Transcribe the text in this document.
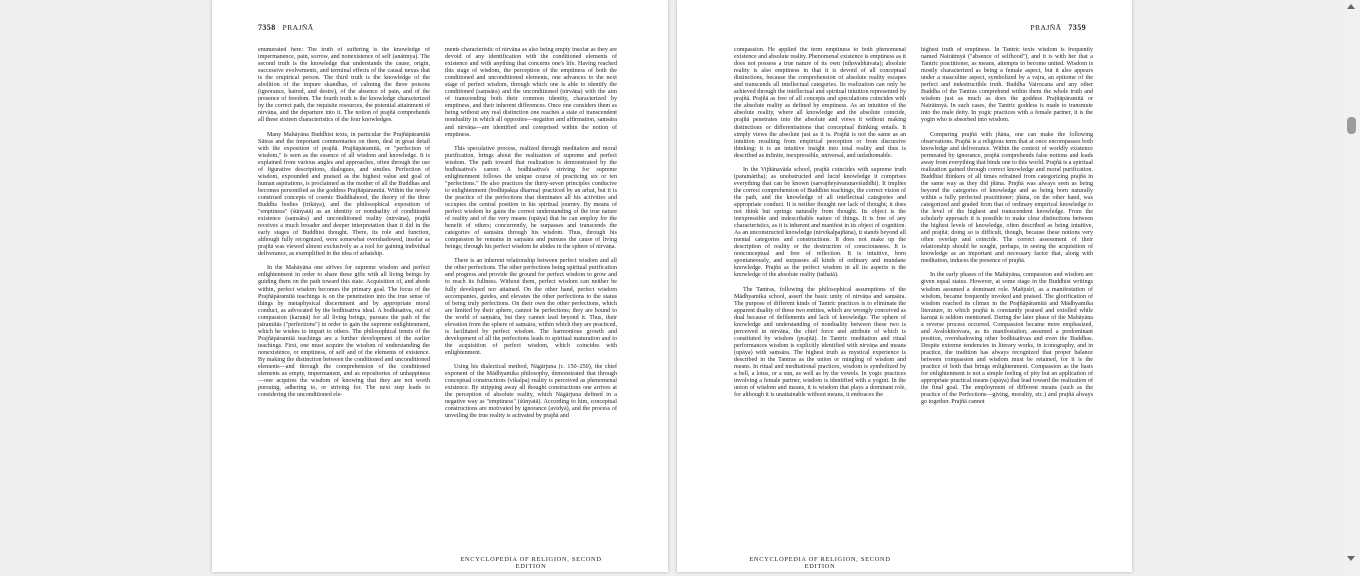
7358 PRAJÑĀ

enumerated here: The truth of suffering is the knowledge of impermanence, pain, sorrow, and nonexistence of self (anātmya). The second truth is the knowledge that understands the cause, origin, successive evolvements, and terminal effects of the causal nexus that is the empirical person. The third truth is the knowledge of the abolition of the impure skandhas, of calming the three poisons (ignorance, hatred, and desire), of the absence of pain, and of the presence of freedom. The fourth truth is the knowledge characterized by the correct path, the requisite resources, the potential attainment of nirvāṇa, and the departure into it. The notion of prajñā comprehends all these sixteen characteristics of the four knowledges.

Many Mahāyāna Buddhist texts, in particular the Prajñāpāramitā Sūtras and the important commentaries on them, deal in great detail with the exposition of prajñā. Prajñāpāramitā, or "perfection of wisdom," is seen as the essence of all wisdom and knowledge. It is explained from various angles and approaches, often through the use of figurative descriptions, dialogues, and similes. Perfection of wisdom, expounded and praised as the highest value and goal of human aspirations, is proclaimed as the mother of all the Buddhas and becomes personified as the goddess Prajñāpāramitā. Within the newly construed concepts of cosmic Buddhahood, the theory of the three Buddha bodies (trikāya), and the philosophical exposition of "emptiness" (śūnyatā) as an identity or nonduality of conditioned existence (saṃsāra) and unconditioned reality (nirvāṇa), prajñā receives a much broader and deeper interpretation than it did in the early stages of Buddhist thought. There, its role and function, although fully recognized, were somewhat overshadowed, insofar as prajñā was viewed almost exclusively as a tool for gaining individual deliverance, as exemplified in the idea of arhatship.

In the Mahāyāna one strives for supreme wisdom and perfect enlightenment in order to share these gifts with all living beings by guiding them on the path toward this state. Acquisition of, and abode within, perfect wisdom becomes the primary goal. The focus of the Prajñāpāramitā teachings is on the penetration into the true sense of things by metaphysical discernment and by appropriate moral conduct, as advocated by the bodhisattva ideal. A bodhisattva, out of compassion (karuṇā) for all living beings, pursues the path of the pāramitās ("perfections") in order to gain the supreme enlightenment, which he wishes to impart to others. The philosophical tenets of the Prajñāpāramitā teachings are a further development of the earlier teachings. First, one must acquire the wisdom of understanding the nonexistence, or emptiness, of self and of the elements of existence. By making the distinction between the conditioned and unconditioned elements—and through the comprehension of the conditioned elements as empty, impermanent, and as repositories of unhappiness—one acquires the wisdom of knowing that they are not worth pursuing, adhering to, or striving for. The next step leads to considering the unconditioned ele-

ments characteristic of nirvāṇa as also being empty insofar as they are devoid of any identification with the conditioned elements of existence and with anything that concerns one's life. Having reached this stage of wisdom, the perception of the emptiness of both the conditioned and unconditioned elements, one advances to the next stage of perfect wisdom, through which one is able to identify the conditioned (saṃsāra) and the unconditioned (nirvāṇa) with the aim of transcending both their common identity, characterized by emptiness, and their inherent differences. Once one considers them as being without any real distinction one reaches a state of transcendent nonduality in which all opposites—negation and affirmation, saṃsāra and nirvāṇa—are identified and comprised within the notion of emptiness.

This speculative process, realized through meditation and moral purification, brings about the realization of supreme and perfect wisdom. The path toward that realization is demonstrated by the bodhisattva's career. A bodhisattva's striving for supreme enlightenment follows the unique course of practicing six or ten "perfections." He also practices the thirty-seven principles conducive to enlightenment (bodhipakṣa dharma) practiced by an arhat, but it is the practice of the perfections that dominates all his activities and occupies the central position in his spiritual journey. By means of perfect wisdom he gains the correct understanding of the true nature of reality and of the very means (upāya) that he can employ for the benefit of others; concurrently, he surpasses and transcends the categories of saṃsāra through his wisdom. Thus, through his compassion he remains in saṃsāra and pursues the cause of living beings; through his perfect wisdom he abides in the sphere of nirvāṇa.

There is an inherent relationship between perfect wisdom and all the other perfections. The other perfections being spiritual purification and progress and provide the ground for perfect wisdom to grow and to reach its fullness. Without them, perfect wisdom can neither be fully developed nor attained. On the other hand, perfect wisdom accompanies, guides, and elevates the other perfections to the status of being truly perfections. On their own the other perfections, which are limited by their sphere, cannot be perfections; they are bound to the world of saṃsāra, but they cannot lead beyond it. Thus, their elevation from the sphere of saṃsāra, within which they are practiced, is facilitated by perfect wisdom. The harmonious growth and development of all the perfections leads to spiritual maturation and to the acquisition of perfect wisdom, which coincides with enlightenment.

Using his dialectical method, Nāgārjuna (c. 150–250), the chief exponent of the Mādhyamika philosophy, demonstrated that through conceptual constructions (vikalpa) reality is perceived as phenomenal existence. By stripping away all thought constructions one arrives at the perception of absolute reality, which Nāgārjuna defined in a negative way as "emptiness" (śūnyatā). According to him, conceptual constructions are motivated by ignorance (avidyā), and the process of unveiling the true reality is activated by prajñā and

ENCYCLOPEDIA OF RELIGION, SECOND EDITION
PRAJÑĀ 7359

compassion. He applied the term emptiness to both phenomenal existence and absolute reality. Phenomenal existence is emptiness as it does not possess a true nature of its own (niḥsvabhāvata); absolute reality is also emptiness in that it is devoid of all conceptual distinctions, because the comprehension of absolute reality escapes and transcends all intellectual categories. Its realization can only be achieved through the intellectual and spiritual intuition represented by prajñā. Prajñā as free of all concepts and speculations coincides with the absolute reality as defined by emptiness. As an intuition of the absolute reality, where all knowledge and the absolute coincide, prajñā penetrates into the absolute and views it without making distinctions or differentiations that conceptual thinking entails. It simply views the absolute just as it is. Prajñā is not the same as an intuition resulting from empirical perception or from discursive thinking; it is an intuitive insight into total reality and thus is described as infinite, inexpressible, universal, and unfathomable.

In the Vijñānavāda school, prajñā coincides with supreme truth (paramārtha); as unobstructed and lucid knowledge it comprises everything that can be known (sarvajñeyāvaraṇaviśuddhi). It implies the correct comprehension of Buddhist teachings, the correct vision of the path, and the knowledge of all intellectual categories and appropriate conduct. It is neither thought nor lack of thought; it does not think but springs naturally from thought. Its object is the inexpressible and indescribable nature of things. It is free of any characteristics, as it is inherent and manifest in its object of cognition. As an unconstructed knowledge (nirvikalpajñāna), it stands beyond all mental categories and constructions. It does not make up the description of reality or the destruction of consciousness. It is nonconceptual and free of reflection. It is intuitive, born spontaneously, and surpasses all kinds of ordinary and mundane knowledge. Prajñā as the perfect wisdom in all its aspects is the knowledge of the absolute reality (tathatā).

The Tantras, following the philosophical assumptions of the Mādhyamika school, assert the basic unity of nirvāṇa and saṃsāra. The purpose of different kinds of Tantric practices is to eliminate the apparent duality of these two entities, which are wrongly conceived as dual because of defilements and lack of knowledge. The sphere of knowledge and understanding of nonduality between these two is perceived in nirvāṇa, the chief force and attribute of which is constituted by wisdom (prajñā). In Tantric meditation and ritual performances wisdom is explicitly identified with nirvāṇa and means (upāya) with saṃsāra. The highest truth as mystical experience is described in the Tantras as the union or mingling of wisdom and means. In ritual and meditational practices, wisdom is symbolized by a bell, a lotus, or a sun, as well as by the vowels. In yogic practices involving a female partner, wisdom is identified with a yoginī. In the union of wisdom and means, it is wisdom that plays a dominant role, for although it is unattainable without means, it embraces the

highest truth of emptiness. In Tantric texts wisdom is frequently named Nairātmyā ("absence of selfhood"), and it is with her that a Tantric practitioner, as means, attempts to become united. Wisdom is mostly characterized as being a female aspect, but it also appears under a masculine aspect, symbolized by a vajra, an epitome of the perfect and indestructible truth. Buddha Vairocana and any other Buddha of the Tantras comprehend within them the whole truth and wisdom just as much as does the goddess Prajñāpāramitā or Nairātmyā. In such cases, the Tantric goddess is made to transmute into the male deity. In yogic practices with a female partner, it is the yogin who is absorbed into wisdom.

Comparing prajñā with jñāna, one can make the following observations. Prajñā is a religious term that at once encompasses both knowledge and deliverance. Within the context of worldly existence permeated by ignorance, prajñā comprehends false notions and leads away from everything that binds one to this world. Prajñā is a spiritual realization gained through correct knowledge and moral purification. Buddhist thinkers of all times refrained from categorizing prajñā in the same way as they did jñāna. Prajñā was always seen as being beyond the categories of knowledge and as being born naturally within a fully perfected practitioner; jñāna, on the other hand, was categorized and graded from that of ordinary empirical knowledge to the level of the highest and transcendent knowledge. From the scholarly approach it is possible to make clear distinctions between the highest levels of knowledge, often described as being intuitive, and prajñā; doing so is difficult, though, because these notions very often overlap and coincide. The correct assessment of their relationship should be sought, perhaps, in seeing the acquisition of knowledge as an important and necessary factor that, along with meditation, induces the presence of prajñā.

In the early phases of the Mahāyāna, compassion and wisdom are given equal status. However, at some stage in the Buddhist writings wisdom assumed a dominant role. Mañjuśrī, as a manifestation of wisdom, became frequently invoked and praised. The glorification of wisdom reached its climax in the Prajñāpāramitā and Mādhyamika literature, in which prajñā is constantly praised and extolled while karuṇā is seldom mentioned. During the later phase of the Mahāyāna a reverse process occurred. Compassion became more emphasized, and Avalokiteśvara, as its manifestation, assumed a predominant position, overshadowing other bodhisattvas and even the Buddhas. Despite extreme tendencies in literary works, in iconography, and in practice, the tradition has always recognized that proper balance between compassion and wisdom must be retained, for it is the practice of both that brings enlightenment. Compassion as the basis for enlightenment is not a simple feeling of pity but an application of appropriate practical means (upāya) that lead toward the realization of the final goal. The employment of different means (such as the practice of the Perfections—giving, morality, etc.) and prajñā always go together. Prajñā cannot

ENCYCLOPEDIA OF RELIGION, SECOND EDITION
